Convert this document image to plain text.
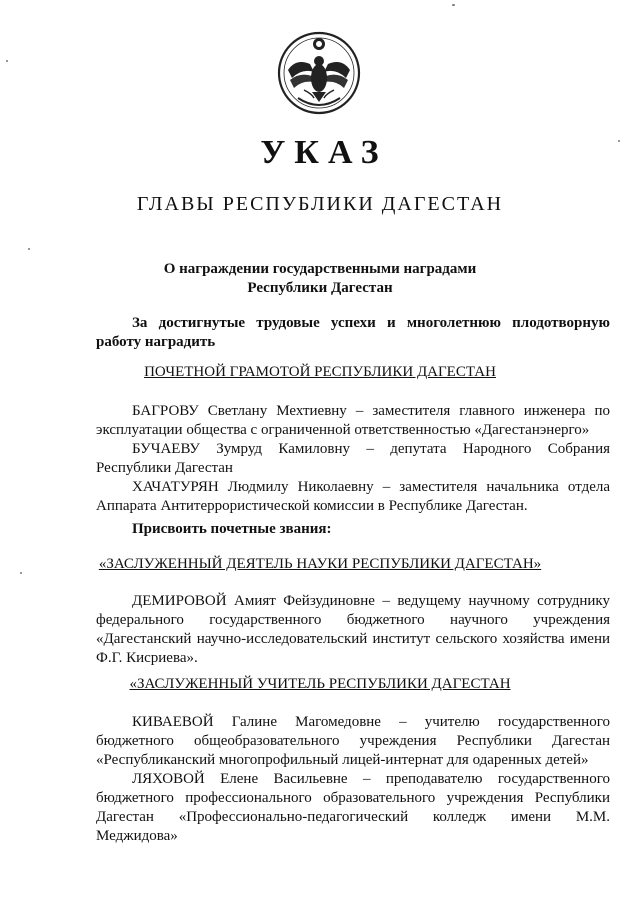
УКАЗ
ГЛАВЫ РЕСПУБЛИКИ ДАГЕСТАН
О награждении государственными наградами
Республики Дагестан
За достигнутые трудовые успехи и многолетнюю плодотворную работу наградить
ПОЧЕТНОЙ ГРАМОТОЙ РЕСПУБЛИКИ ДАГЕСТАН
БАГРОВУ Светлану Мехтиевну – заместителя главного инженера по эксплуатации общества с ограниченной ответственностью «Дагестанэнерго»
БУЧАЕВУ Зумруд Камиловну – депутата Народного Собрания Республики Дагестан
ХАЧАТУРЯН Людмилу Николаевну – заместителя начальника отдела Аппарата Антитеррористической комиссии в Республике Дагестан.
Присвоить почетные звания:
«ЗАСЛУЖЕННЫЙ ДЕЯТЕЛЬ НАУКИ РЕСПУБЛИКИ ДАГЕСТАН»
ДЕМИРОВОЙ Амият Фейзудиновне – ведущему научному сотруднику федерального государственного бюджетного научного учреждения «Дагестанский научно-исследовательский институт сельского хозяйства имени Ф.Г. Кисриева».
«ЗАСЛУЖЕННЫЙ УЧИТЕЛЬ РЕСПУБЛИКИ ДАГЕСТАН
КИВАЕВОЙ Галине Магомедовне – учителю государственного бюджетного общеобразовательного учреждения Республики Дагестан «Республиканский многопрофильный лицей-интернат для одаренных детей»
ЛЯХОВОЙ Елене Васильевне – преподавателю государственного бюджетного профессионального образовательного учреждения Республики Дагестан «Профессионально-педагогический колледж имени М.М. Меджидова»
